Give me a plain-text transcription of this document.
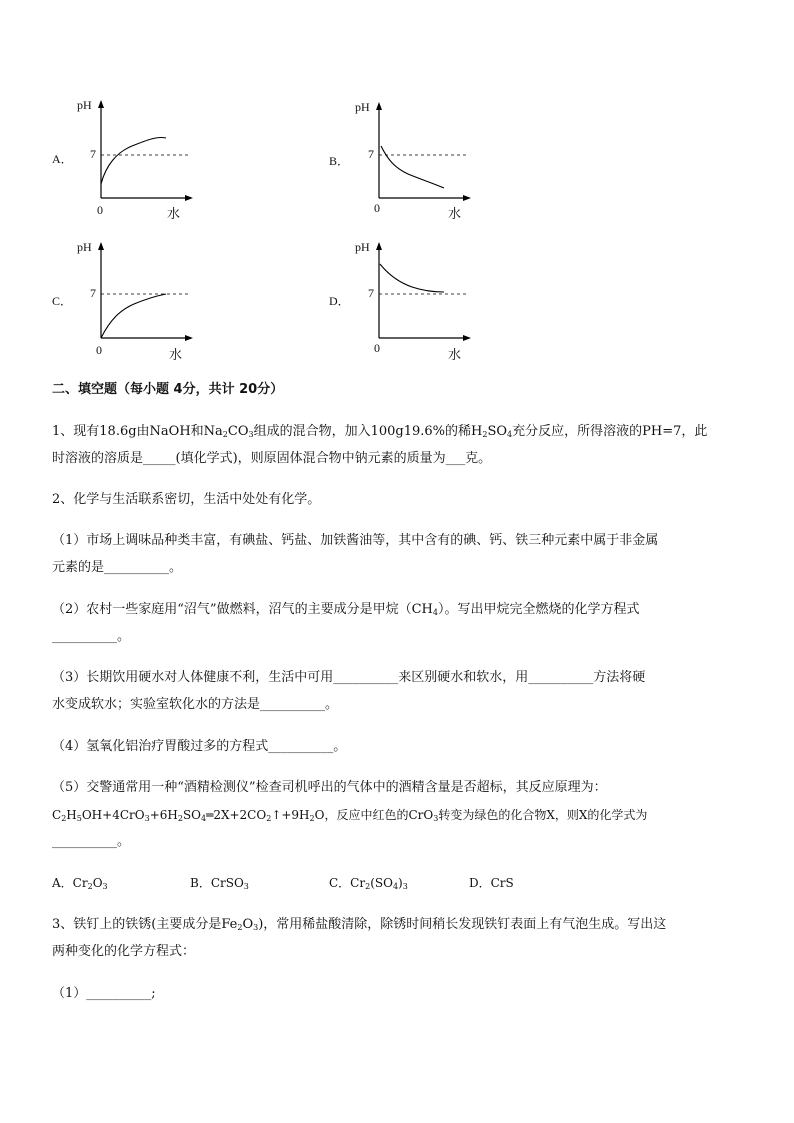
A．
pH
7
0	水
B．
pH
7
0	水
C．
pH
7
0	水
D．
pH
7
0	水
二、填空题（每小题 4分，共计 20分）
1、现有18.6g由NaOH和$Na_2CO_3$组成的混合物，加入100g19.6%的稀$H_2SO_4$充分反应，所得溶液的PH=7，此
时溶液的溶质是_____(填化学式)，则原固体混合物中钠元素的质量为___克。
2、化学与生活联系密切，生活中处处有化学。
（1）市场上调味品种类丰富，有碘盐、钙盐、加铁酱油等，其中含有的碘、钙、铁三种元素中属于非金属
元素的是__________。
（2）农村一些家庭用“沼气”做燃料，沼气的主要成分是甲烷$(CH_4)$。写出甲烷完全燃烧的化学方程式
__________。
（3）长期饮用硬水对人体健康不利，生活中可用__________来区别硬水和软水，用__________方法将硬
水变成软水；实验室软化水的方法是__________。
（4）氢氧化铝治疗胃酸过多的方程式__________。
（5）交警通常用一种“酒精检测仪”检查司机呼出的气体中的酒精含量是否超标，其反应原理为：
$C_2H_5OH+4CrO_3+6H_2SO_4═2X+2CO_2↑+9H_2O$，反应中红色的CrO$_3$转变为绿色的化合物X，则X的化学式为
__________。
A．$Cr_2O_3$	B．CrSO$_3$	C．$Cr_2(SO_4)_3$	D．CrS
3、铁钉上的铁锈(主要成分是$Fe_2O_3$)，常用稀盐酸清除，除锈时间稍长发现铁钉表面上有气泡生成。写出这
两种变化的化学方程式：
（1）__________;
